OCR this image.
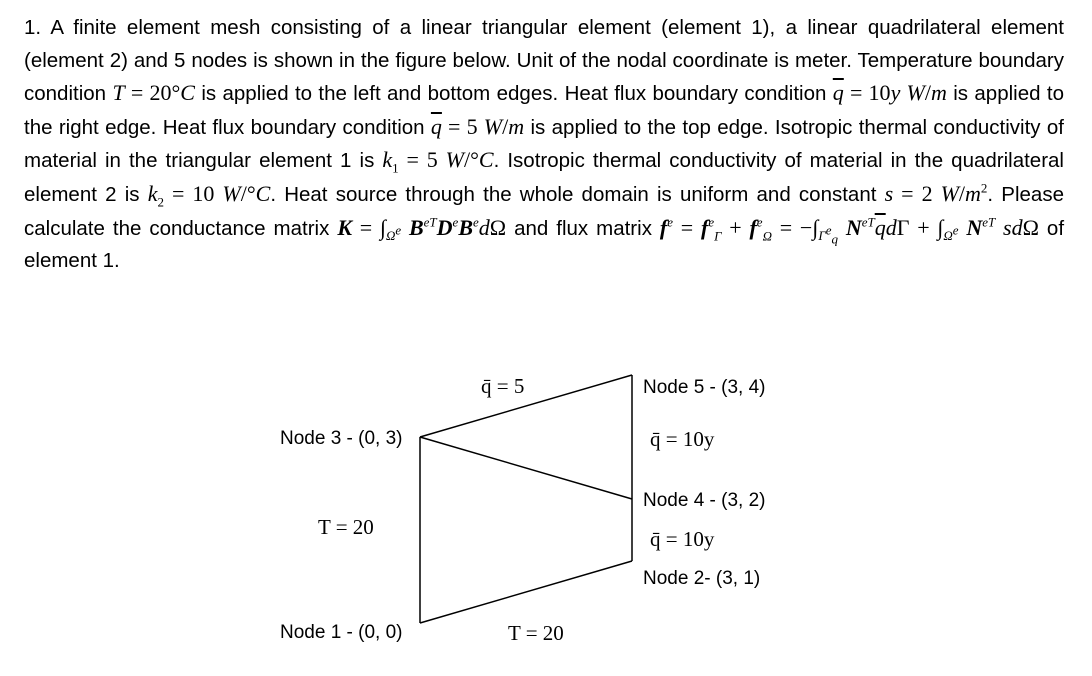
1. A finite element mesh consisting of a linear triangular element (element 1), a linear quadrilateral element (element 2) and 5 nodes is shown in the figure below. Unit of the nodal coordinate is meter. Temperature boundary condition T = 20°C is applied to the left and bottom edges. Heat flux boundary condition $\overline{q} = 10y$ W/m is applied to the right edge. Heat flux boundary condition $\overline{q} = 5$ W/m is applied to the top edge. Isotropic thermal conductivity of material in the triangular element 1 is $k_1 = 5$ W/°C. Isotropic thermal conductivity of material in the quadrilateral element 2 is $k_2 = 10$ W/°C. Heat source through the whole domain is uniform and constant s = 2 $W/m^2$. Please calculate the conductance matrix $K = \int_{\Omega^e}$ $B^{eT}DeB^ed\Omega$ and flux matrix $f^e = f^e_\Gamma + f^e_\Omega = -\int_{\Gamma^e_q}$ $N^{eT}\overline{q}d\Gamma + \int_{\Omega^e}$ $N^{eT}$ sdΩ of element 1.

Node 1 - (0, 0)
Node 2- (3, 1)
Node 3 - (0, 3)
Node 4 - (3, 2)
Node 5 - (3, 4)
q̄ = 5
q̄ = 10y
q̄ = 10y
T = 20
T = 20
